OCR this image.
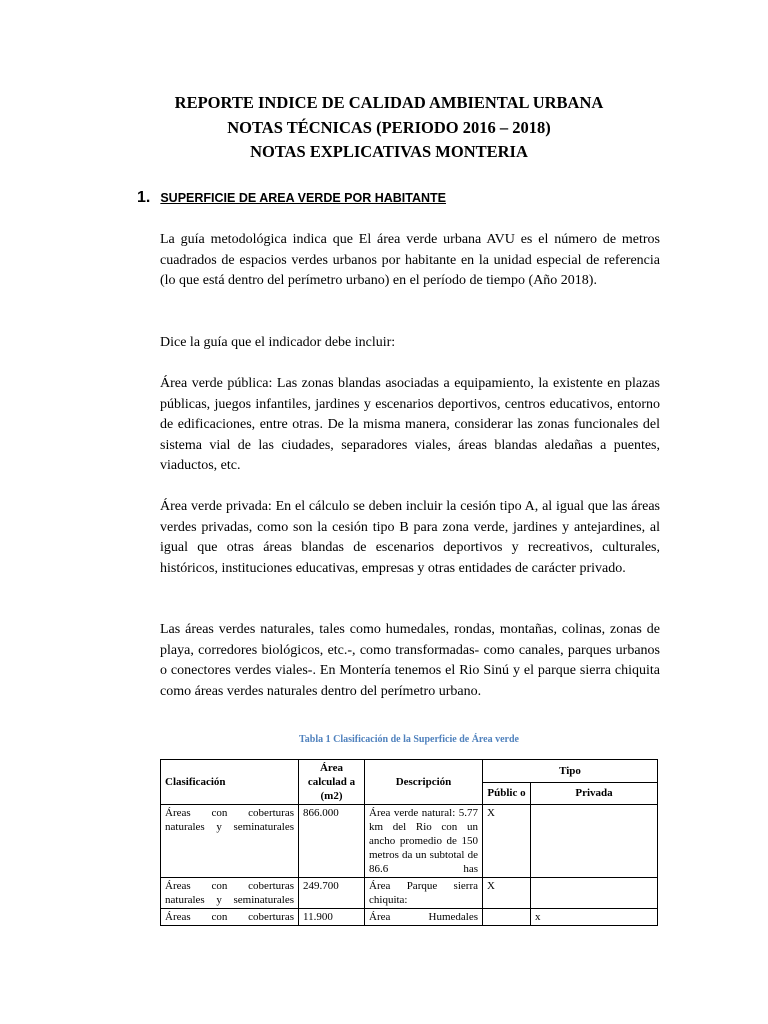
REPORTE INDICE DE CALIDAD AMBIENTAL URBANA
NOTAS TÉCNICAS (PERIODO 2016 – 2018)
NOTAS EXPLICATIVAS MONTERIA
1. SUPERFICIE DE AREA VERDE POR HABITANTE

La guía metodológica indica que El área verde urbana AVU es el número de metros cuadrados de espacios verdes urbanos por habitante en la unidad especial de referencia (lo que está dentro del perímetro urbano) en el período de tiempo (Año 2018).

Dice la guía que el indicador debe incluir:

Área verde pública: Las zonas blandas asociadas a equipamiento, la existente en plazas públicas, juegos infantiles, jardines y escenarios deportivos, centros educativos, entorno de edificaciones, entre otras. De la misma manera, considerar las zonas funcionales del sistema vial de las ciudades, separadores viales, áreas blandas aledañas a puentes, viaductos, etc.

Área verde privada: En el cálculo se deben incluir la cesión tipo A, al igual que las áreas verdes privadas, como son la cesión tipo B para zona verde, jardines y antejardines, al igual que otras áreas blandas de escenarios deportivos y recreativos, culturales, históricos, instituciones educativas, empresas y otras entidades de carácter privado.

Las áreas verdes naturales, tales como humedales, rondas, montañas, colinas, zonas de playa, corredores biológicos, etc.-, como transformadas- como canales, parques urbanos o conectores verdes viales-. En Montería tenemos el Rio Sinú y el parque sierra chiquita como áreas verdes naturales dentro del perímetro urbano.

Tabla 1 Clasificación de la Superficie de Área verde

Clasificación	Área calculad a (m2)	Descripción	Tipo	
			Públic o	Privada
Áreas con coberturas naturales y seminaturales	866.000	Área verde natural: 5.77 km del Rio con un ancho promedio de 150 metros da un subtotal de 86.6 has	X	
Áreas con coberturas naturales y seminaturales	249.700	Área Parque sierra chiquita:	X	
Áreas con coberturas	11.900	Área Humedales		x
